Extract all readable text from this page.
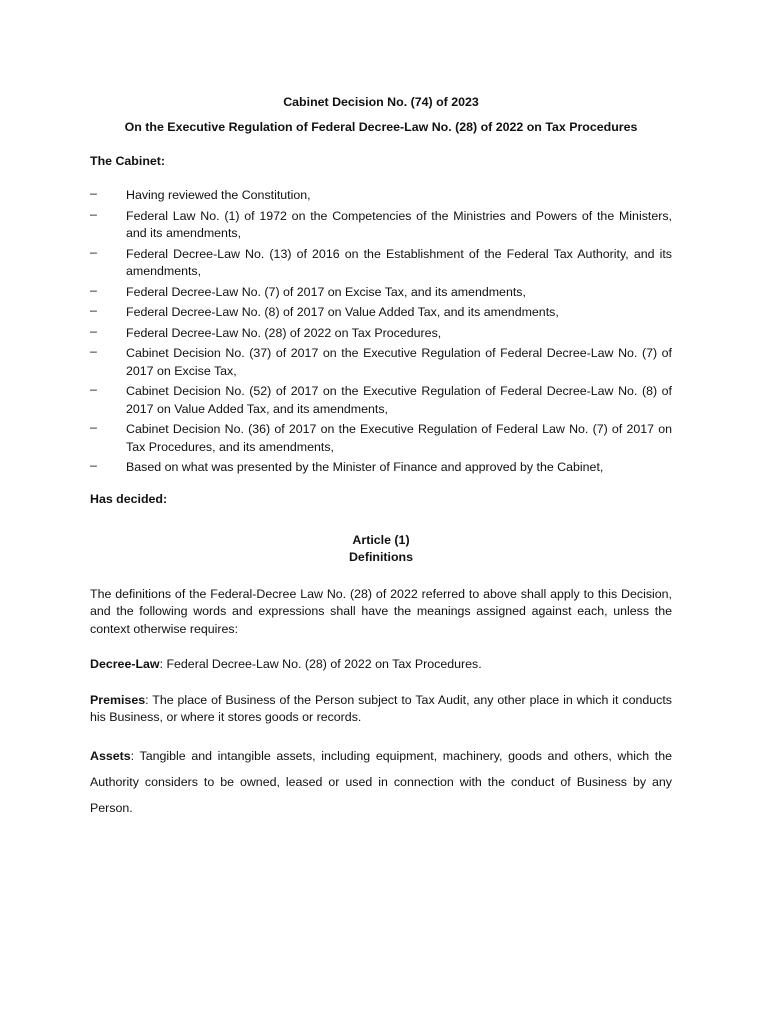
Cabinet Decision No. (74) of 2023
On the Executive Regulation of Federal Decree-Law No. (28) of 2022 on Tax Procedures
The Cabinet:
–	Having reviewed the Constitution,
–	Federal Law No. (1) of 1972 on the Competencies of the Ministries and Powers of the Ministers, and its amendments,
–	Federal Decree-Law No. (13) of 2016 on the Establishment of the Federal Tax Authority, and its amendments,
–	Federal Decree-Law No. (7) of 2017 on Excise Tax, and its amendments,
–	Federal Decree-Law No. (8) of 2017 on Value Added Tax, and its amendments,
–	Federal Decree-Law No. (28) of 2022 on Tax Procedures,
–	Cabinet Decision No. (37) of 2017 on the Executive Regulation of Federal Decree-Law No. (7) of 2017 on Excise Tax,
–	Cabinet Decision No. (52) of 2017 on the Executive Regulation of Federal Decree-Law No. (8) of 2017 on Value Added Tax, and its amendments,
–	Cabinet Decision No. (36) of 2017 on the Executive Regulation of Federal Law No. (7) of 2017 on Tax Procedures, and its amendments,
–	Based on what was presented by the Minister of Finance and approved by the Cabinet,
Has decided:
Article (1)
Definitions

The definitions of the Federal-Decree Law No. (28) of 2022 referred to above shall apply to this Decision, and the following words and expressions shall have the meanings assigned against each, unless the context otherwise requires:

Decree-Law: Federal Decree-Law No. (28) of 2022 on Tax Procedures.

Premises: The place of Business of the Person subject to Tax Audit, any other place in which it conducts his Business, or where it stores goods or records.

Assets: Tangible and intangible assets, including equipment, machinery, goods and others, which the Authority considers to be owned, leased or used in connection with the conduct of Business by any Person.
